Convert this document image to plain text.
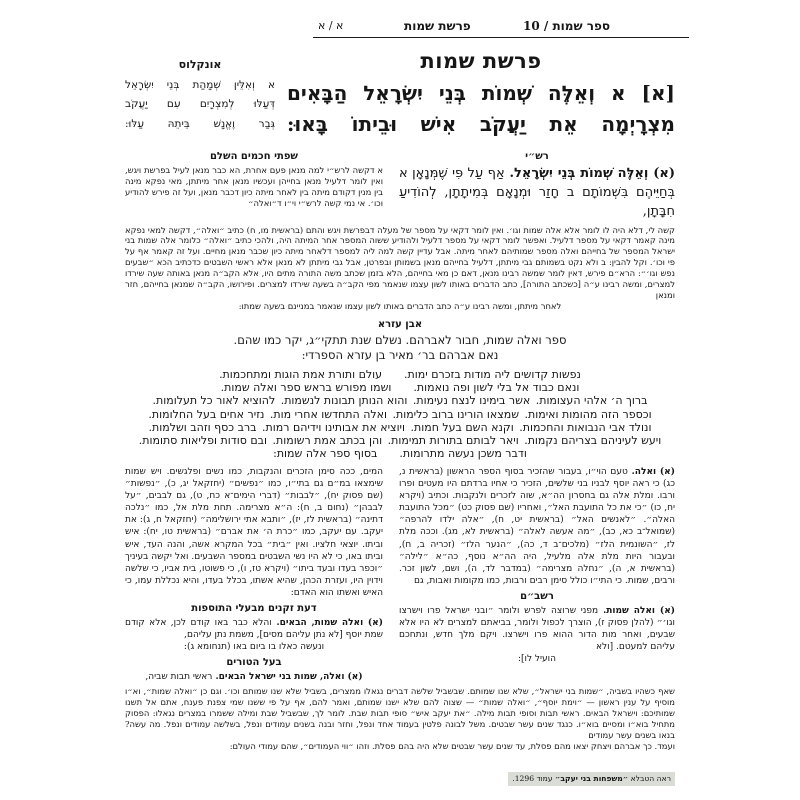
ספר שמות / 10
פרשת שמות
א / א
פרשת שמות
[א] א וְאֵלֶּה שְׁמוֹת בְּנֵי יִשְׂרָאֵל הַבָּאִים
מִצְרָיְמָה אֵת יַעֲקֹב אִישׁ וּבֵיתוֹ בָּאוּ:
אונקלוס
א וְאִלֵּין שְׁמָהַת בְּנֵי יִשְׂרָאֵל
דְּעַלּוּ לְמִצְרָיִם עִם יַעֲקֹב
גְּבַר וֶאֱנָשׁ בֵּיתֵהּ עַלּוּ:
רש״י
(א) וְאֵלֶּה שְׁמוֹת בְּנֵי יִשְׂרָאֵל. אַף עַל פִּי שֶׁמְּנָאָן א בְּחַיֵּיהֶם בִּשְׁמוֹתָם ב חָזַר וּמְנָאָם בְּמִיתָתָן, לְהוֹדִיעַ חִבָּתָן,
שפתי חכמים השלם
א דקשה לרש״י למה מנאן פעם אחרת, הא כבר מנאן לעיל בפרשת ויגש, ואין לומר דלעיל מנאן בחייהן ועכשיו מנאן אחר מיתתן, מאי נפקא מינה בין מנין דקודם מיתה בין לאחר מיתה כיון דכבר מנאן, ועל זה פירש להודיע וכו׳. אי נמי קשה לרש״י וי״ו ד״ואלה״
קשה לי, דלא היה לו לומר אלא אלה שמות וגו׳. ואין לומר דקאי על מספר של מעלה דבפרשת ויגש והתם (בראשית מו, ח) כתיב ״ואלה״, דקשה למאי נפקא מינה קאמר דקאי על מספר דלעיל. ואפשר לומר דקאי על מספר דלעיל ולהודיע ששוה המספר אחר המיתה היה, ולהכי כתיב ״ואלה״ כלומר אלה שמות בני ישראל המספר של בחייהם ואלה מספר שמותיהם לאחר מיתה. אבל עדיין קשה למה ליה למספר דלאחר מיתה כיון שכבר מנאן מחיים. ועל זה קאמר אף על פי וכו׳. וקל להבין: ב ולא נקט בשמותם גבי מיתתן, דלעיל בחייהם מנאן בשמותן ובפרטן, אבל גבי מיתתן לא מנאן אלא ראשי השבטים כדכתיב הכא ״שבעים נפש וגו׳״: הרא״ם פירש, דאין לומר שמשה רבינו מנאן, דאם כן מאי בחייהם, הלא בזמן שכתב משה התורה מתים היו, אלא הקב״ה מנאן באותה שעה שירדו למצרים, ומשה רבינו ע״ה [כשכתב התורה], כתב הדברים באותו לשון עצמו שנאמר מפי הקב״ה בשעה שירדו למצרים. ופירושו, הקב״ה שמנאן בחייהם, חזר ומנאן
לאחר מיתתן, ומשה רבינו ע״ה כתב הדברים באותו לשון עצמו שנאמר במניינם בשעה שמתו:
אבן עזרא
ספר ואלה שמות, חבור לאברהם. נשלם שנת תתקי״ג, יקר כמו שהם.
נאם אברהם בר׳ מאיר בן עזרא הספרדי:
נפשות קדושים ליה מודות בזכרם ימות.  עולם ותורת אמת הוגות ומתחכמות.
ונאם כבוד אל בלי לשון ופה נואמות.  ושמו מפורש בראש ספר ואלה שמות.
ברוך ה׳ אלהי העצומות. אשר בימינו לנצח נעימות. והוא הנותן תבונות לנשמות. להוציא לאור כל תעלומות.
וכספר הזה מהומות ואימות. שמצאו הורינו ברוב כלימות. ואלה התחדשו אחרי מות. נזיר אחים בעל החלומות.
ונולד אבי הנבואות והחכמות. וקנא השם בעל חמות. ויוציא את אבותינו וידיהם רמות. ברב כסף וזהב ושלמות.
ויעש לעיניהם בצריהם נקמות. ויאר לבותם בתורות תמימות. והן בכתב אמת רשומות. ובם סודות ופליאות סתומות.
ודבר משכן נעשה מתרומות.  בסוף ספר אלה שמות:
(א) ואלה. טעם הוי״ו, בעבור שהזכיר בסוף הספר הראשון (בראשית נ, כג) כי ראה יוסף לבניו בני שלשים, הזכיר כי אחיו ברדתם היו מעטים ופרו ורבו. ומלת אלה גם בחסרון הה״א, שוה לזכרים ולנקבות. וכתיב (ויקרא יח, כו) ״כי את כל התועבת האל״, ואחריו (שם פסוק כט) ״מכל התועבת האלה״. ״לאנשים האל״ (בראשית יט, ח), ״אלה ילדו להרפה״ (שמואל־ב כא, כב), ״מה אעשה לאלה״ (בראשית לא, מג). וככה מלת לז, ״השונמית הלז״ (מלכים־ב ד, כה), ״הנער הלז״ (זכריה ב, ח), ובעבור היות מלת אלה מלעיל, היה הה״א נוסף, כה״א ״לילה״ (בראשית א, ה), ״נחלה מצרימה״ (במדבר לד, ה), ושם, לשון זכר. ורבים, שמות. כי התי״ו כולל סימן רבים ורבות, כמו מקומות ואבות, גם
רשב״ם
(א) ואלה שמות. מפני שרוצה לפרש ולומר ״ובני ישראל פרו וישרצו וגו׳״ (להלן פסוק ז), הוצרך לכפול ולומר, בביאתם למצרים לא היו אלא שבעים, ואחר מות הדור ההוא פרו וישרצו. ויקם מלך חדש, ונתחכם עליהם למעטם. [ולא
הועיל לו]:
המים, ככה סימן הזכרים והנקבות, כמו נשים ופלגשים. ויש שמות שימצאו במ״ם גם בתי״ו, כמו ״נפשים״ (יחזקאל יג, כ), ״נפשות״ (שם פסוק יח), ״לבבות״ (דברי הימים־א כח, ט), גם לבבים, ״על לבבהן״ (נחום ב, ח): ה״א מצרימה. תחת מלת אל, כמו ״נלכה דתינה״ (בראשית לז, יז), ״ותבא אתי ירושלימה״ (יחזקאל ח, ג): את יעקב. עם יעקב, כמו ״כרת ה׳ את אברם״ (בראשית טו, יח): איש וביתו. יוצאי חלציו. ואין ״בית״ בכל המקרא אשה, והנה העד, איש וביתו באו, כי לא היו נשי השבטים במספר השבעים. ואל יקשה בעיניך ״וכפר בעדו ובעד ביתו״ (ויקרא טז, ו), כי פשוטו, בית אביו, כי שלשה וידוין היו, ועזרת הכהן, שהיא אשתו, בכלל בעדו, והיא נכללת עמו, כי האיש ואשתו הוא האדם:
דעת זקנים מבעלי התוספות
(א) ואלה שמות, הבאים. והלא כבר באו קודם לכן, אלא קודם שמת יוסף [לא נתן עליהם מסים], משמת נתן עליהם,
ונעשה כאלו בו ביום באו (תנחומא ג):
בעל הטורים
(א) ואלה, שמות בני ישראל הבאים. ראשי תבות שביה,
שאף כשהיו בשביה, ״שמות בני ישראל״, שלא שנו שמותם. שבשביל שלשה דברים נגאלו ממצרים, בשביל שלא שנו שמותם וכו׳. וגם כן ״ואלה שמות״, וא״ו מוסיף על ענין ראשון — ״וימת יוסף״, ״ואלה שמות״ — שצוה להם שלא ישנו שמותם, ואמר להם, אף על פי ששנו שמי צפנת פענח, אתם אל תשנו שמותיכם: וישראל הבאים. ראשי תבות וסופי תבות מילה. ״את יעקב איש״ סופי תבות שבת. לומר לך, שבשביל שבת ומילה ששמרו במצרים נגאלו: הפסוק מתחיל בוא״ו ומסיים בוא״ו. כנגד שנים עשר שבטים. משל לבונה פלטין בעמוד אחד ונפל, וחזר ובנה בשנים עמודים ונפל, בשלשה עמודים ונפל. מה עשה? בנאו בשנים עשר עמודים
ועמד. כך אברהם ויצחק יצאו מהם פסלת, עד שנים עשר שבטים שלא היה בהם פסלת. וזהו ״ווי העמודים״, שהם עמודי העולם:
ראה הטבלא ״משפחות בני יעקב״ עמוד 1296.
